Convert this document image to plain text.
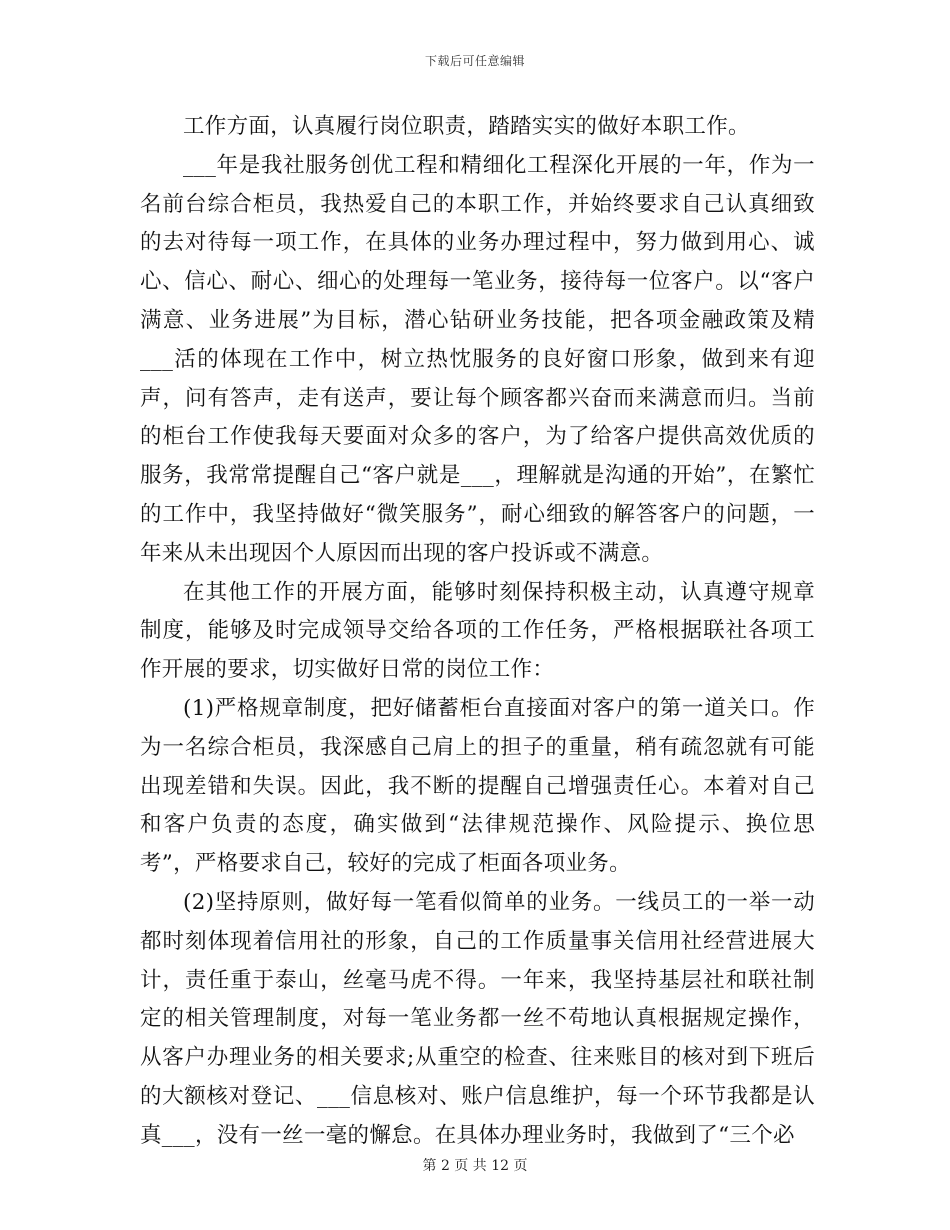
下载后可任意编辑

工作方面，认真履行岗位职责，踏踏实实的做好本职工作。

___年是我社服务创优工程和精细化工程深化开展的一年，作为一名前台综合柜员，我热爱自己的本职工作，并始终要求自己认真细致的去对待每一项工作，在具体的业务办理过程中，努力做到用心、诚心、信心、耐心、细心的处理每一笔业务，接待每一位客户。以“客户满意、业务进展”为目标，潜心钻研业务技能，把各项金融政策及精___活的体现在工作中，树立热忱服务的良好窗口形象，做到来有迎声，问有答声，走有送声，要让每个顾客都兴奋而来满意而归。当前的柜台工作使我每天要面对众多的客户，为了给客户提供高效优质的服务，我常常提醒自己“客户就是___，理解就是沟通的开始”，在繁忙的工作中，我坚持做好“微笑服务”，耐心细致的解答客户的问题，一年来从未出现因个人原因而出现的客户投诉或不满意。

在其他工作的开展方面，能够时刻保持积极主动，认真遵守规章制度，能够及时完成领导交给各项的工作任务，严格根据联社各项工作开展的要求，切实做好日常的岗位工作：

(1)严格规章制度，把好储蓄柜台直接面对客户的第一道关口。作为一名综合柜员，我深感自己肩上的担子的重量，稍有疏忽就有可能出现差错和失误。因此，我不断的提醒自己增强责任心。本着对自己和客户负责的态度，确实做到“法律规范操作、风险提示、换位思考”，严格要求自己，较好的完成了柜面各项业务。

(2)坚持原则，做好每一笔看似简单的业务。一线员工的一举一动都时刻体现着信用社的形象，自己的工作质量事关信用社经营进展大计，责任重于泰山，丝毫马虎不得。一年来，我坚持基层社和联社制定的相关管理制度，对每一笔业务都一丝不苟地认真根据规定操作，从客户办理业务的相关要求;从重空的检查、往来账目的核对到下班后的大额核对登记、___信息核对、账户信息维护，每一个环节我都是认真___，没有一丝一毫的懈怠。在具体办理业务时，我做到了“三个必

第 2 页 共 12 页
